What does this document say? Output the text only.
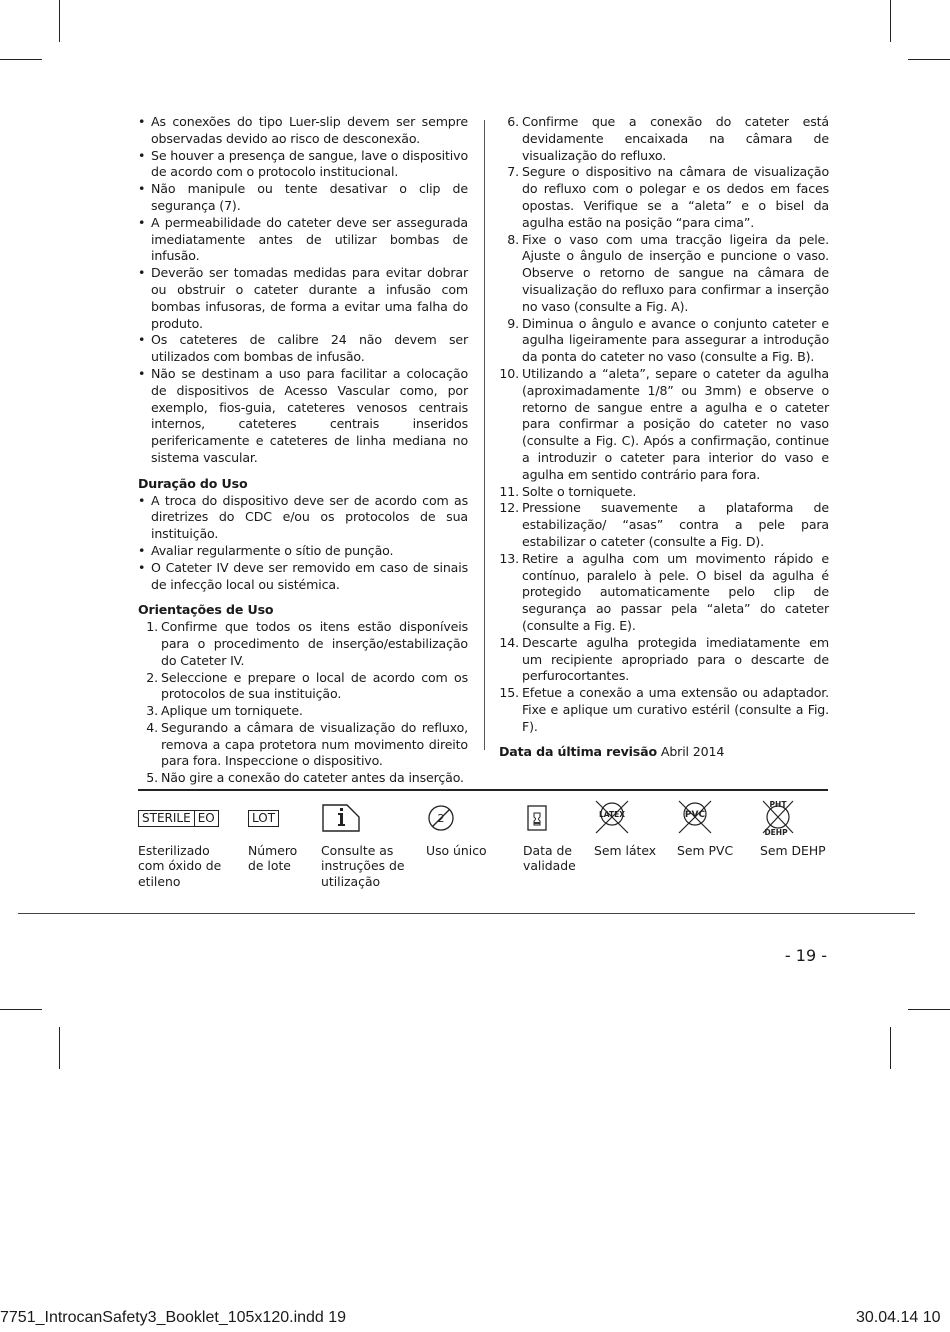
• As conexões do tipo Luer-slip devem ser sempre observadas devido ao risco de desconexão.
• Se houver a presença de sangue, lave o dispositivo de acordo com o protocolo institucional.
• Não manipule ou tente desativar o clip de segurança (7).
• A permeabilidade do cateter deve ser assegurada imediatamente antes de utilizar bombas de infusão.
• Deverão ser tomadas medidas para evitar dobrar ou obstruir o cateter durante a infusão com bombas infusoras, de forma a evitar uma falha do produto.
• Os cateteres de calibre 24 não devem ser utilizados com bombas de infusão.
• Não se destinam a uso para facilitar a colocação de dispositivos de Acesso Vascular como, por exemplo, fios-guia, cateteres venosos centrais internos, cateteres centrais inseridos perifericamente e cateteres de linha mediana no sistema vascular.
Duração do Uso
• A troca do dispositivo deve ser de acordo com as diretrizes do CDC e/ou os protocolos de sua instituição.
• Avaliar regularmente o sítio de punção.
• O Cateter IV deve ser removido em caso de sinais de infecção local ou sistémica.
Orientações de Uso
1. Confirme que todos os itens estão disponíveis para o procedimento de inserção/estabilização do Cateter IV.
2. Seleccione e prepare o local de acordo com os protocolos de sua instituição.
3. Aplique um torniquete.
4. Segurando a câmara de visualização do refluxo, remova a capa protetora num movimento direito para fora. Inspeccione o dispositivo.
5. Não gire a conexão do cateter antes da inserção.
6. Confirme que a conexão do cateter está devidamente encaixada na câmara de visualização do refluxo.
7. Segure o dispositivo na câmara de visualização do refluxo com o polegar e os dedos em faces opostas. Verifique se a “aleta” e o bisel da agulha estão na posição “para cima”.
8. Fixe o vaso com uma tracção ligeira da pele. Ajuste o ângulo de inserção e puncione o vaso. Observe o retorno de sangue na câmara de visualização do refluxo para confirmar a inserção no vaso (consulte a Fig. A).
9. Diminua o ângulo e avance o conjunto cateter e agulha ligeiramente para assegurar a introdução da ponta do cateter no vaso (consulte a Fig. B).
10. Utilizando a “aleta”, separe o cateter da agulha (aproximadamente 1/8” ou 3mm) e observe o retorno de sangue entre a agulha e o cateter para confirmar a posição do cateter no vaso (consulte a Fig. C). Após a confirmação, continue a introduzir o cateter para interior do vaso e agulha em sentido contrário para fora.
11. Solte o torniquete.
12. Pressione suavemente a plataforma de estabilização/ “asas” contra a pele para estabilizar o cateter (consulte a Fig. D).
13. Retire a agulha com um movimento rápido e contínuo, paralelo à pele. O bisel da agulha é protegido automaticamente pelo clip de segurança ao passar pela “aleta” do cateter (consulte a Fig. E).
14. Descarte agulha protegida imediatamente em um recipiente apropriado para o descarte de perfurocortantes.
15. Efetue a conexão a uma extensão ou adaptador. Fixe e aplique um curativo estéril (consulte a Fig. F).
Data da última revisão Abril 2014
STERILE EO
Esterilizado com óxido de etileno
LOT
Número de lote
Consulte as instruções de utilização
2
Uso único	Data de validade
LATEX
Sem látex
PVC
Sem PVC
PHT
DEHP
Sem DEHP
- 19 -
7751_IntrocanSafety3_Booklet_105x120.indd 19	30.04.14 10
